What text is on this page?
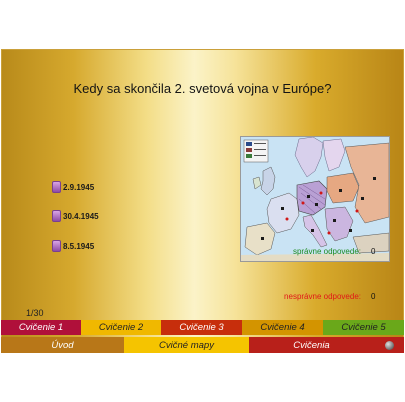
Kedy sa skončila 2. svetová vojna v Európe?
2.9.1945
30.4.1945
8.5.1945
správne odpovede: 0
nesprávne odpovede: 0
1/30
Cvičenie 1	Cvičenie 2	Cvičenie 3	Cvičenie 4	Cvičenie 5
Úvod	Cvičné mapy	Cvičenia
